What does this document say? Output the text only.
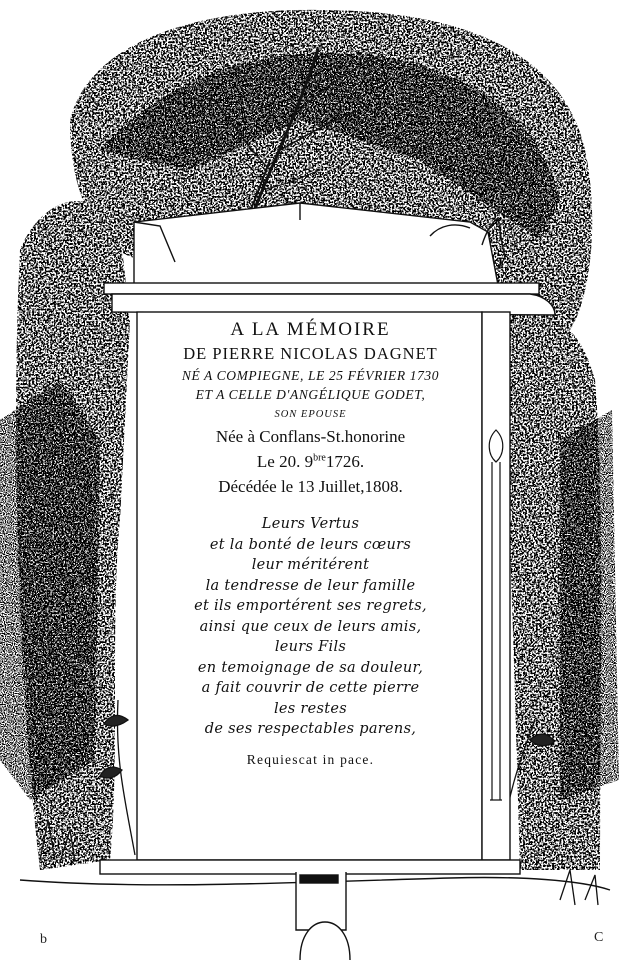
A LA MÉMOIRE
DE PIERRE NICOLAS DAGNET
NÉ A COMPIEGNE, LE 25 FÉVRIER 1730
ET A CELLE D'ANGÉLIQUE GODET,
SON EPOUSE
Née à Conflans-St.honorine
Le 20. $9^{bre}1726$.
Décédée le 13 Juillet,1808.
Leurs Vertus
et la bonté de leurs cœurs
leur méritérent
la tendresse de leur famille
et ils emportérent ses regrets,
ainsi que ceux de leurs amis,
leurs Fils
en temoignage de sa douleur,
a fait couvrir de cette pierre
les restes
de ses respectables parens,
Requiescat in pace.
b	C
